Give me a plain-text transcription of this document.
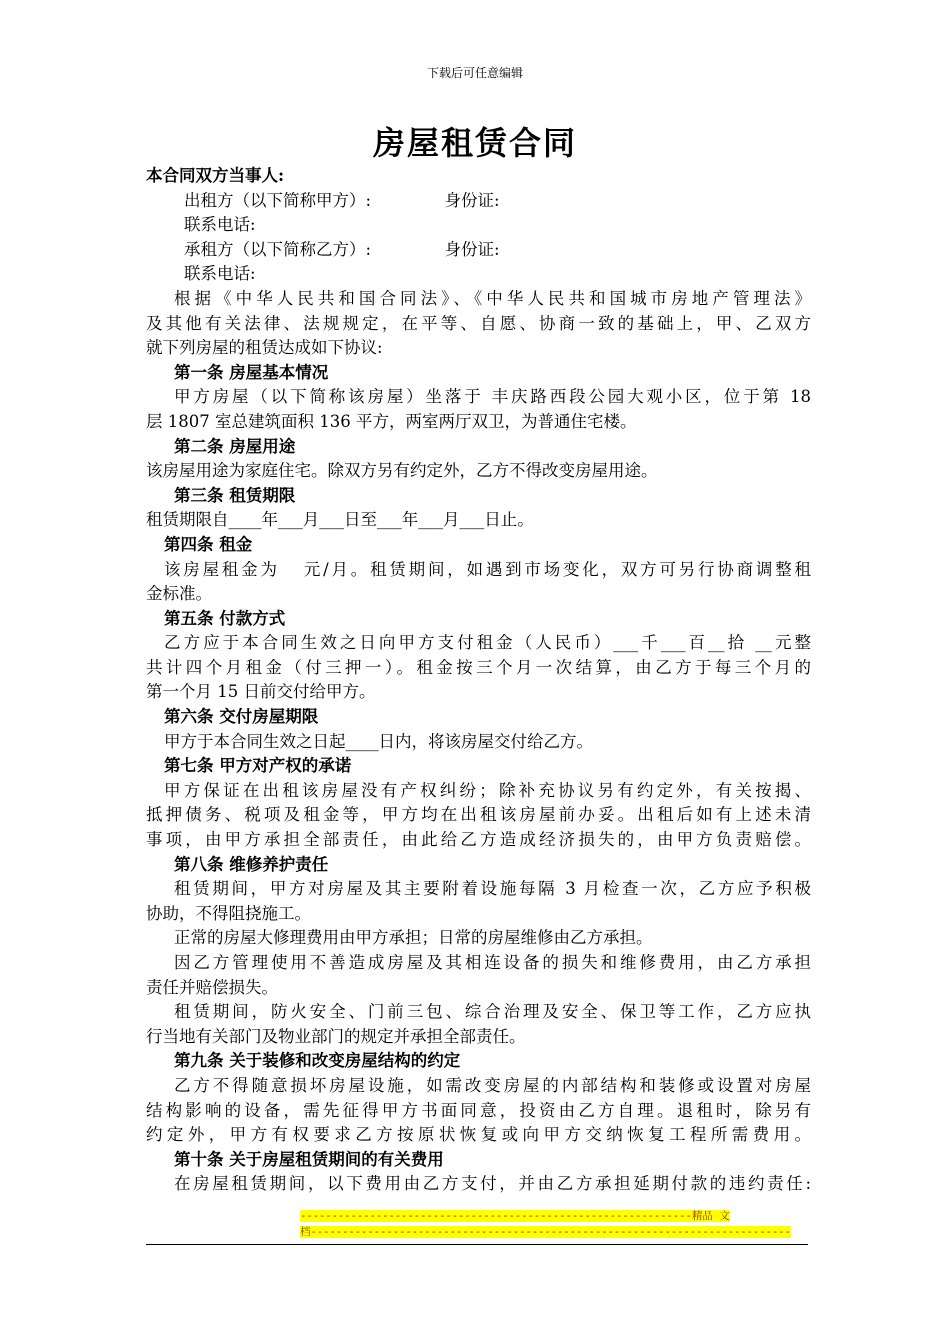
下载后可任意编辑
房屋租赁合同
本合同双方当事人:
出租方（以下简称甲方）:              身份证:
联系电话:
承租方（以下简称乙方）:              身份证:
联系电话:
根据《中华人民共和国合同法》、《中华人民共和国城市房地产管理法》
及其他有关法律、法规规定，在平等、自愿、协商一致的基础上，甲、乙双方
就下列房屋的租赁达成如下协议:
第一条 房屋基本情况
甲方房屋（以下简称该房屋）坐落于 丰庆路西段公园大观小区，位于第 18
层 1807 室总建筑面积 136 平方，两室两厅双卫，为普通住宅楼。
第二条 房屋用途
该房屋用途为家庭住宅。除双方另有约定外，乙方不得改变房屋用途。
第三条 租赁期限
租赁期限自____年___月___日至___年___月___日止。
第四条 租金
该房屋租金为   元/月。租赁期间，如遇到市场变化，双方可另行协商调整租
金标准。
第五条 付款方式
乙方应于本合同生效之日向甲方支付租金（人民币）___千___百__拾 __元整
共计四个月租金（付三押一）。租金按三个月一次结算，由乙方于每三个月的
第一个月 15 日前交付给甲方。
第六条 交付房屋期限
甲方于本合同生效之日起____日内，将该房屋交付给乙方。
第七条 甲方对产权的承诺
甲方保证在出租该房屋没有产权纠纷；除补充协议另有约定外，有关按揭、
抵押债务、税项及租金等，甲方均在出租该房屋前办妥。出租后如有上述未清
事项，由甲方承担全部责任，由此给乙方造成经济损失的，由甲方负责赔偿。
第八条 维修养护责任
租赁期间，甲方对房屋及其主要附着设施每隔 3 月检查一次，乙方应予积极
协助，不得阻挠施工。
正常的房屋大修理费用由甲方承担；日常的房屋维修由乙方承担。
因乙方管理使用不善造成房屋及其相连设备的损失和维修费用，由乙方承担
责任并赔偿损失。
租赁期间，防火安全、门前三包、综合治理及安全、保卫等工作，乙方应执
行当地有关部门及物业部门的规定并承担全部责任。
第九条 关于装修和改变房屋结构的约定
乙方不得随意损坏房屋设施，如需改变房屋的内部结构和装修或设置对房屋
结构影响的设备，需先征得甲方书面同意，投资由乙方自理。退租时，除另有
约定外，甲方有权要求乙方按原状恢复或向甲方交纳恢复工程所需费用。
第十条 关于房屋租赁期间的有关费用
在房屋租赁期间，以下费用由乙方支付，并由乙方承担延期付款的违约责任:
--------------------------------------------------------------精品 文
档----------------------------------------------------------------------------
